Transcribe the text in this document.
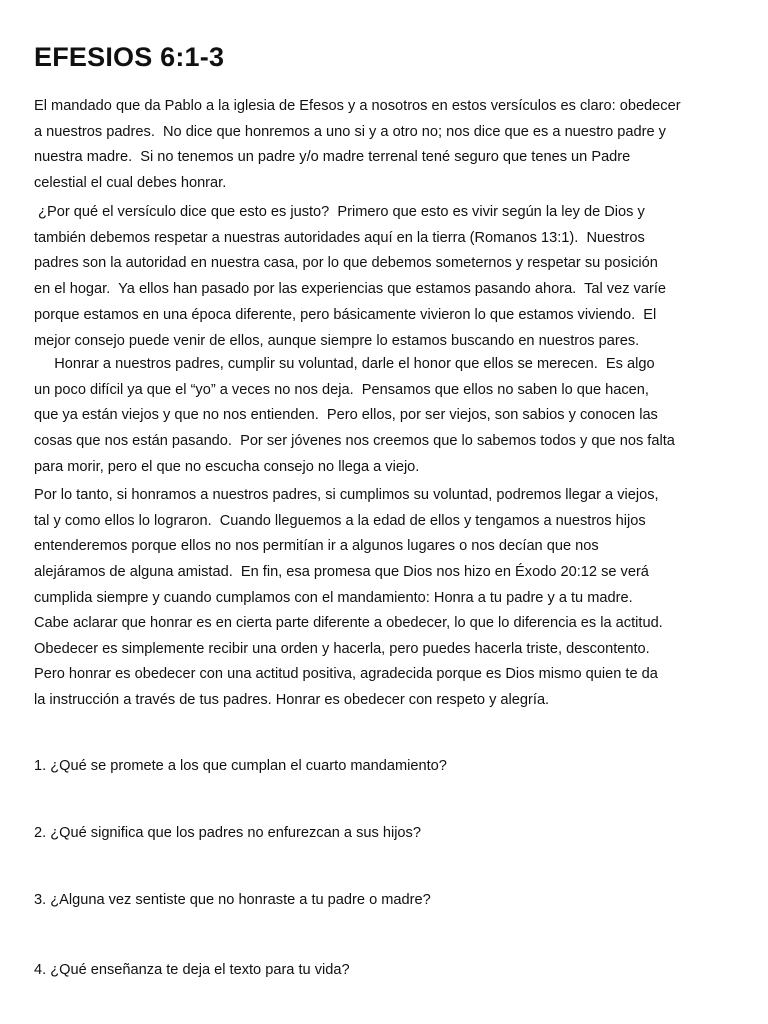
EFESIOS 6:1-3

El mandado que da Pablo a la iglesia de Efesos y a nosotros en estos versículos es claro: obedecer
a nuestros padres.  No dice que honremos a uno si y a otro no; nos dice que es a nuestro padre y
nuestra madre.  Si no tenemos un padre y/o madre terrenal tené seguro que tenes un Padre
celestial el cual debes honrar.

¿Por qué el versículo dice que esto es justo?  Primero que esto es vivir según la ley de Dios y
también debemos respetar a nuestras autoridades aquí en la tierra (Romanos 13:1).  Nuestros
padres son la autoridad en nuestra casa, por lo que debemos someternos y respetar su posición
en el hogar.  Ya ellos han pasado por las experiencias que estamos pasando ahora.  Tal vez varíe
porque estamos en una época diferente, pero básicamente vivieron lo que estamos viviendo.  El
mejor consejo puede venir de ellos, aunque siempre lo estamos buscando en nuestros pares.

Honrar a nuestros padres, cumplir su voluntad, darle el honor que ellos se merecen.  Es algo
un poco difícil ya que el “yo” a veces no nos deja.  Pensamos que ellos no saben lo que hacen,
que ya están viejos y que no nos entienden.  Pero ellos, por ser viejos, son sabios y conocen las
cosas que nos están pasando.  Por ser jóvenes nos creemos que lo sabemos todos y que nos falta
para morir, pero el que no escucha consejo no llega a viejo.

Por lo tanto, si honramos a nuestros padres, si cumplimos su voluntad, podremos llegar a viejos,
tal y como ellos lo lograron.  Cuando lleguemos a la edad de ellos y tengamos a nuestros hijos
entenderemos porque ellos no nos permitían ir a algunos lugares o nos decían que nos
alejáramos de alguna amistad.  En fin, esa promesa que Dios nos hizo en Éxodo 20:12 se verá
cumplida siempre y cuando cumplamos con el mandamiento: Honra a tu padre y a tu madre.

Cabe aclarar que honrar es en cierta parte diferente a obedecer, lo que lo diferencia es la actitud.
Obedecer es simplemente recibir una orden y hacerla, pero puedes hacerla triste, descontento.
Pero honrar es obedecer con una actitud positiva, agradecida porque es Dios mismo quien te da
la instrucción a través de tus padres. Honrar es obedecer con respeto y alegría.

1. ¿Qué se promete a los que cumplan el cuarto mandamiento?

2. ¿Qué significa que los padres no enfurezcan a sus hijos?

3. ¿Alguna vez sentiste que no honraste a tu padre o madre?

4. ¿Qué enseñanza te deja el texto para tu vida?
